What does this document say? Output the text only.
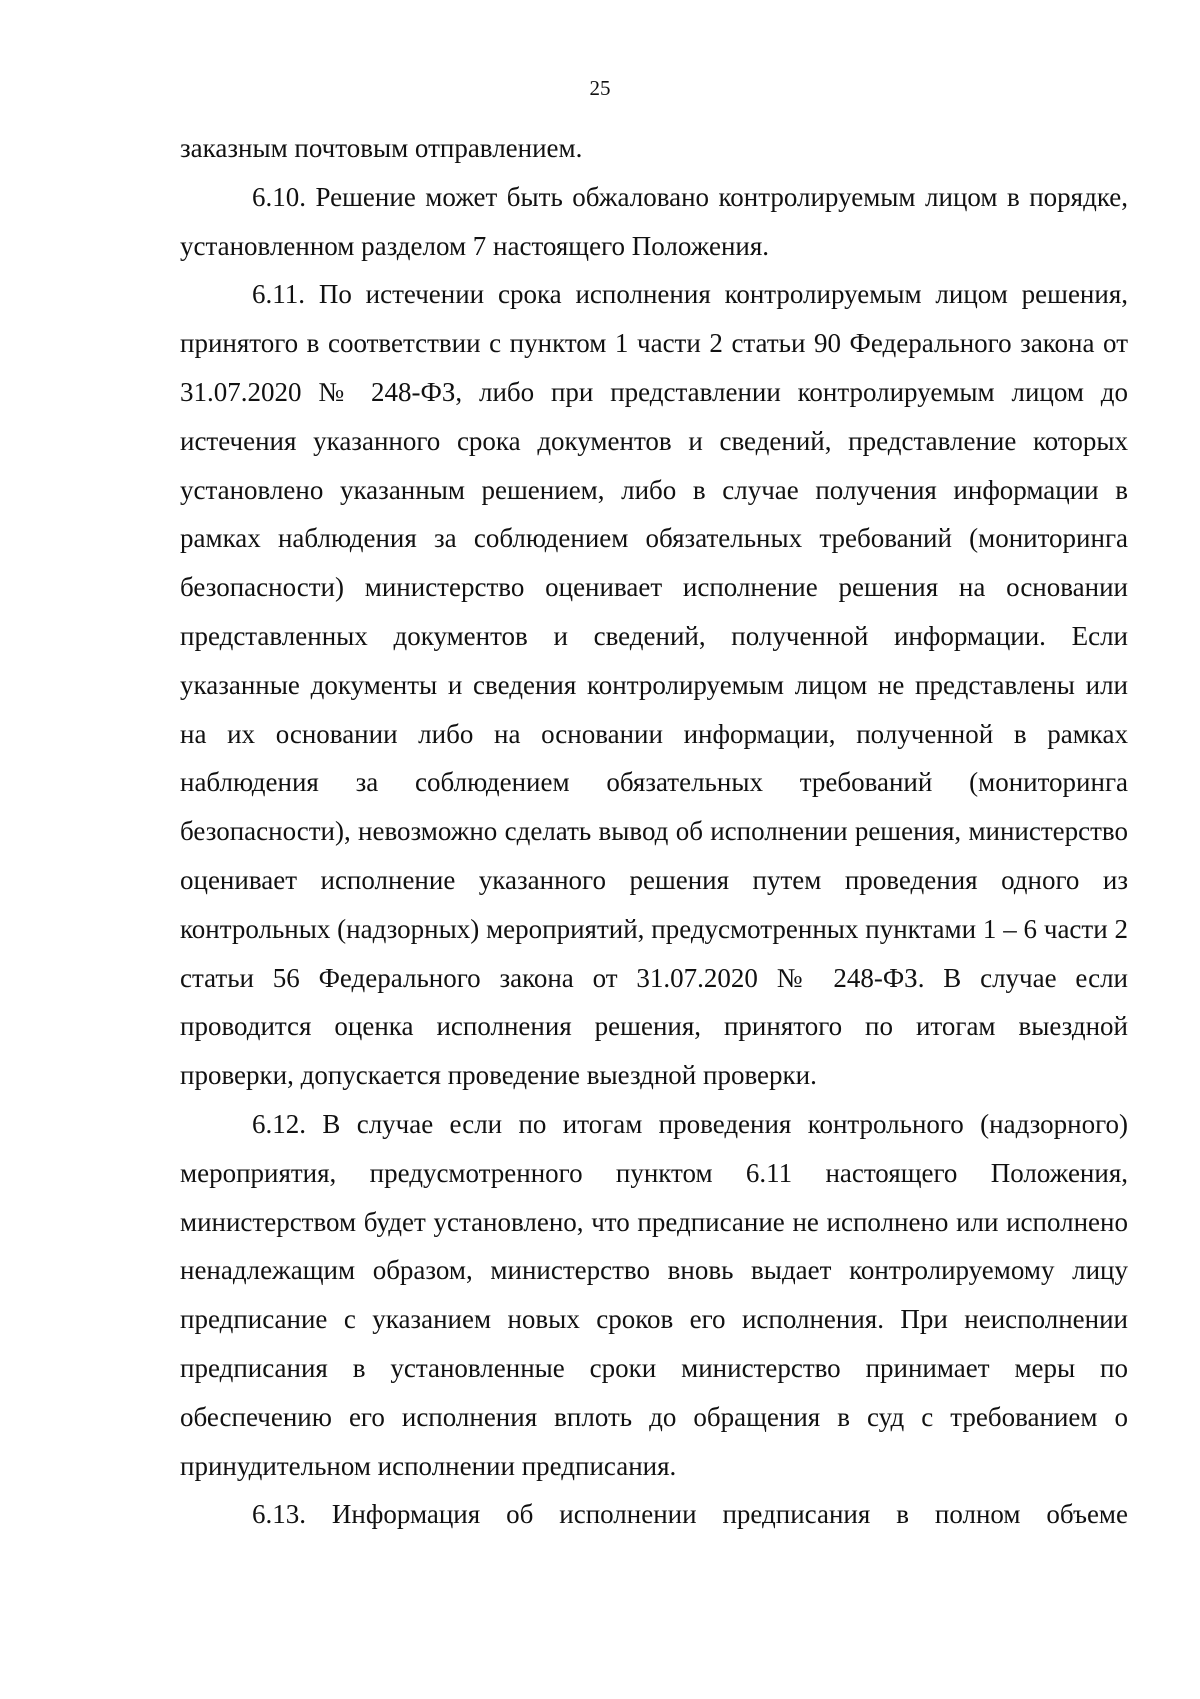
25

заказным почтовым отправлением.

6.10. Решение может быть обжаловано контролируемым лицом в порядке, установленном разделом 7 настоящего Положения.

6.11. По истечении срока исполнения контролируемым лицом решения, принятого в соответствии с пунктом 1 части 2 статьи 90 Федерального закона от 31.07.2020 № 248-ФЗ, либо при представлении контролируемым лицом до истечения указанного срока документов и сведений, представление которых установлено указанным решением, либо в случае получения информации в рамках наблюдения за соблюдением обязательных требований (мониторинга безопасности) министерство оценивает исполнение решения на основании представленных документов и сведений, полученной информации. Если указанные документы и сведения контролируемым лицом не представлены или на их основании либо на основании информации, полученной в рамках наблюдения за соблюдением обязательных требований (мониторинга безопасности), невозможно сделать вывод об исполнении решения, министерство оценивает исполнение указанного решения путем проведения одного из контрольных (надзорных) мероприятий, предусмотренных пунктами 1 – 6 части 2 статьи 56 Федерального закона от 31.07.2020 № 248-ФЗ. В случае если проводится оценка исполнения решения, принятого по итогам выездной проверки, допускается проведение выездной проверки.

6.12. В случае если по итогам проведения контрольного (надзорного) мероприятия, предусмотренного пунктом 6.11 настоящего Положения, министерством будет установлено, что предписание не исполнено или исполнено ненадлежащим образом, министерство вновь выдает контролируемому лицу предписание с указанием новых сроков его исполнения. При неисполнении предписания в установленные сроки министерство принимает меры по обеспечению его исполнения вплоть до обращения в суд с требованием о принудительном исполнении предписания.

6.13. Информация об исполнении предписания в полном объеме
